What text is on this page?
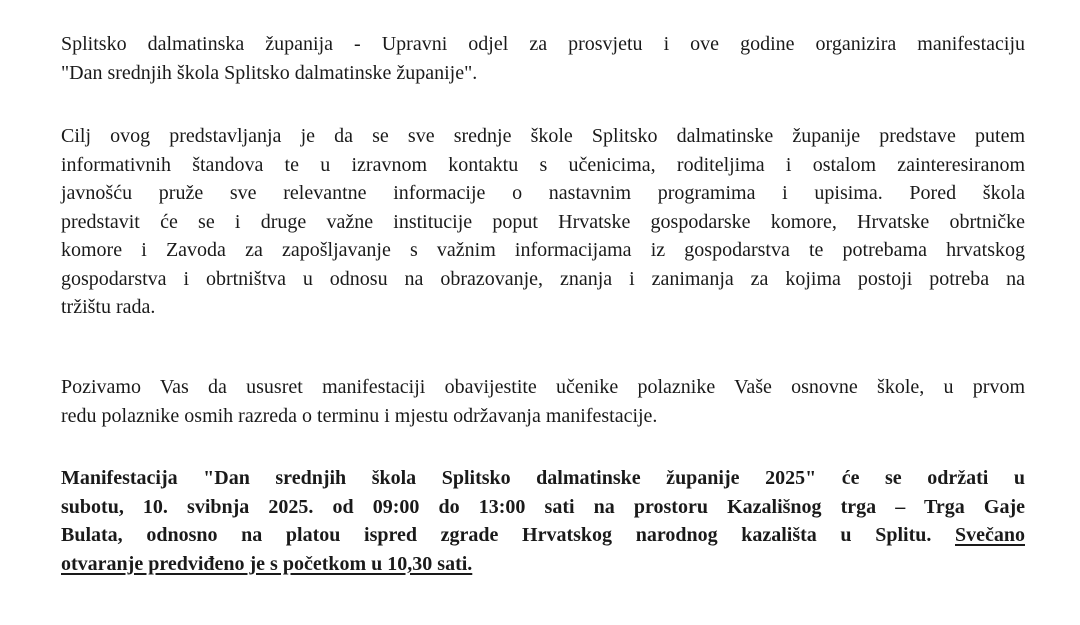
Splitsko dalmatinska županija - Upravni odjel za prosvjetu i ove godine organizira manifestaciju
"Dan srednjih škola Splitsko dalmatinske županije".

Cilj ovog predstavljanja je da se sve srednje škole Splitsko dalmatinske županije predstave putem
informativnih štandova te u izravnom kontaktu s učenicima, roditeljima i ostalom zainteresiranom
javnošću pruže sve relevantne informacije o nastavnim programima i upisima. Pored škola
predstavit će se i druge važne institucije poput Hrvatske gospodarske komore, Hrvatske obrtničke
komore i Zavoda za zapošljavanje s važnim informacijama iz gospodarstva te potrebama hrvatskog
gospodarstva i obrtništva u odnosu na obrazovanje, znanja i zanimanja za kojima postoji potreba na
tržištu rada.

Pozivamo Vas da ususret manifestaciji obavijestite učenike polaznike Vaše osnovne škole, u prvom
redu polaznike osmih razreda o terminu i mjestu održavanja manifestacije.

Manifestacija "Dan srednjih škola Splitsko dalmatinske županije 2025" će se održati u
subotu, 10. svibnja 2025. od 09:00 do 13:00 sati na prostoru Kazališnog trga – Trga Gaje
Bulata, odnosno na platou ispred zgrade Hrvatskog narodnog kazališta u Splitu. Svečano
otvaranje predviđeno je s početkom u 10,30 sati.
